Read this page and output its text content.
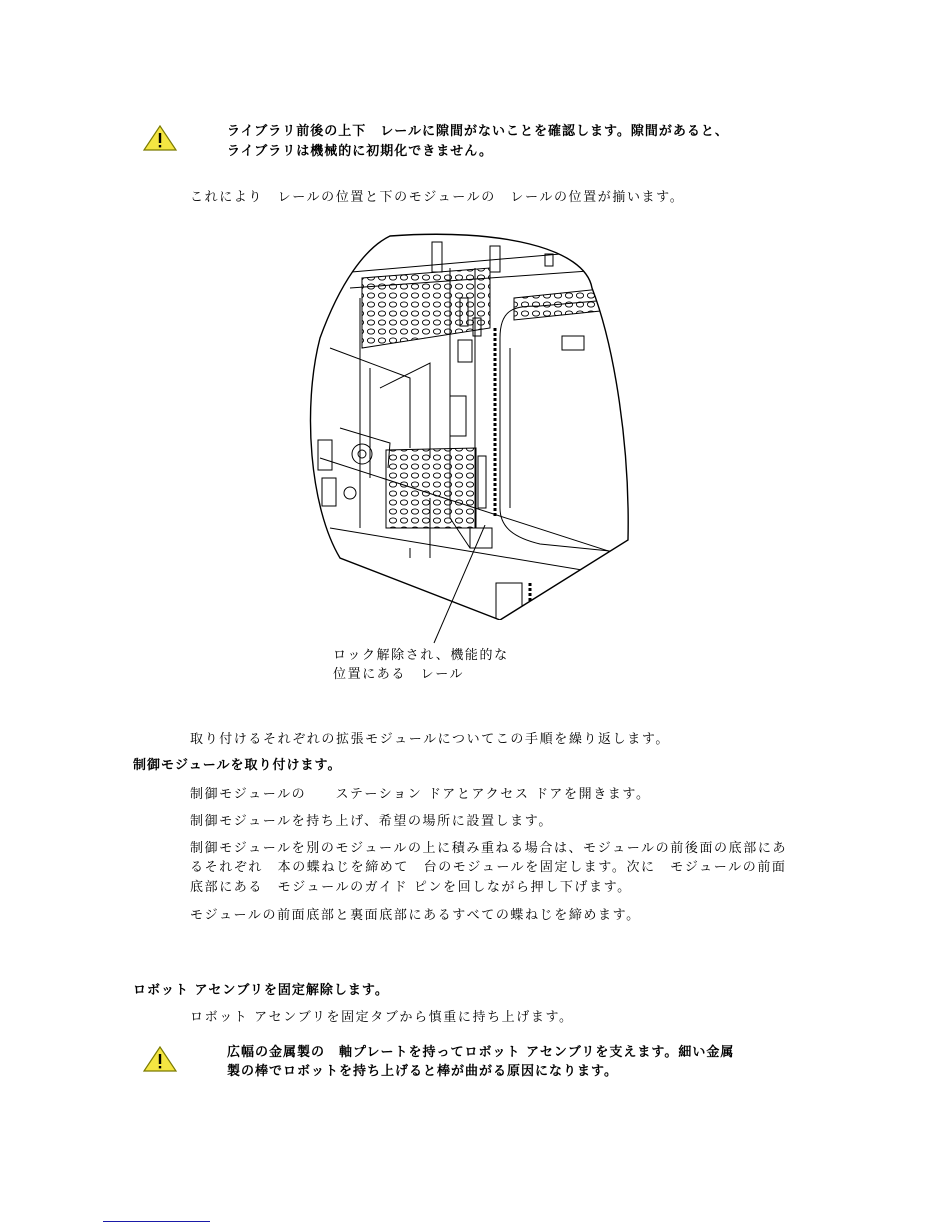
ライブラリ前後の上下　レールに隙間がないことを確認します。隙間があると、
ライブラリは機械的に初期化できません。
これにより　レールの位置と下のモジュールの　レールの位置が揃います。
ロック解除され、機能的な
位置にある　レール
取り付けるそれぞれの拡張モジュールについてこの手順を繰り返します。
制御モジュールを取り付けます。
制御モジュールの　　ステーション ドアとアクセス ドアを開きます。
制御モジュールを持ち上げ、希望の場所に設置します。
制御モジュールを別のモジュールの上に積み重ねる場合は、モジュールの前後面の底部にあ
るそれぞれ　本の蝶ねじを締めて　台のモジュールを固定します。次に　モジュールの前面
底部にある　モジュールのガイド ピンを回しながら押し下げます。
モジュールの前面底部と裏面底部にあるすべての蝶ねじを締めます。
ロボット アセンブリを固定解除します。
ロボット アセンブリを固定タブから慎重に持ち上げます。
広幅の金属製の　軸プレートを持ってロボット アセンブリを支えます。細い金属
製の棒でロボットを持ち上げると棒が曲がる原因になります。
